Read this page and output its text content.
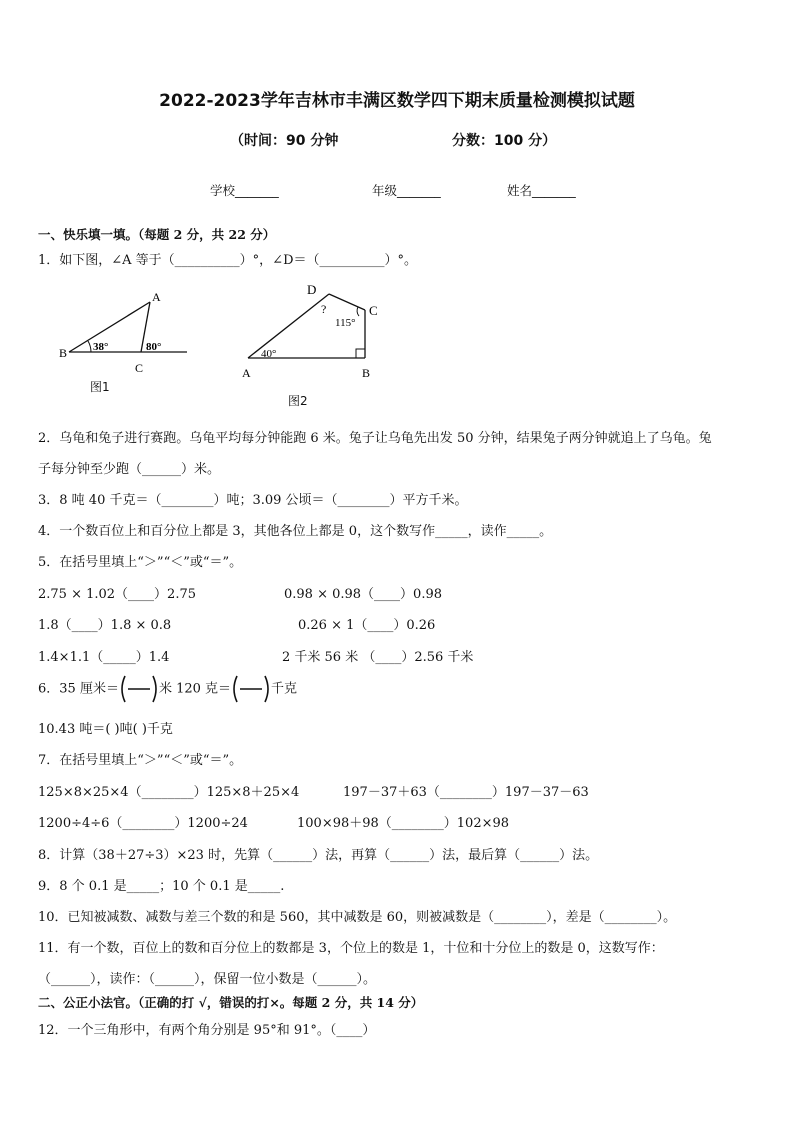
2022-2023学年吉林市丰满区数学四下期末质量检测模拟试题
（时间：90 分钟	分数：100 分）
学校_______	年级_______	姓名_______
一、快乐填一填。（每题 2 分，共 22 分）
1．如下图，∠A 等于（__________）°，∠D＝（__________）°。
A
B
C
38°	80°
图1
D
C
A	B
?
115°
40°
图2
2．乌龟和兔子进行赛跑。乌龟平均每分钟能跑 6 米。兔子让乌龟先出发 50 分钟，结果兔子两分钟就追上了乌龟。兔
子每分钟至少跑（______）米。
3．8 吨 40 千克＝（________）吨；3.09 公顷＝（________）平方千米。
4．一个数百位上和百分位上都是 3，其他各位上都是 0，这个数写作_____，读作_____。
5．在括号里填上“＞”“＜”或“＝”。
2.75 × 1.02（____）2.75	0.98 × 0.98（____）0.98
1.8（____）1.8 × 0.8	0.26 × 1（____）0.26
1.4×1.1（_____）1.4	2 千米 56 米 （____）2.56 千米
6．35 厘米＝	米 120 克＝	千克
10.43 吨＝( )吨( )千克
7．在括号里填上“＞”“＜”或“＝”。
125×8×25×4（________）125×8＋25×4	197－37＋63（________）197－37－63
1200÷4÷6（________）1200÷24	100×98＋98（________）102×98
8．计算（38＋27÷3）×23 时，先算（______）法，再算（______）法，最后算（______）法。
9．8 个 0.1 是_____；10 个 0.1 是_____.
10．已知被减数、减数与差三个数的和是 560，其中减数是 60，则被减数是（________），差是（________）。
11．有一个数，百位上的数和百分位上的数都是 3，个位上的数是 1，十位和十分位上的数是 0，这数写作：
（______），读作：（______），保留一位小数是（______）。
二、公正小法官。（正确的打 √，错误的打×。每题 2 分，共 14 分）
12．一个三角形中，有两个角分别是 95°和 91°。（____）
